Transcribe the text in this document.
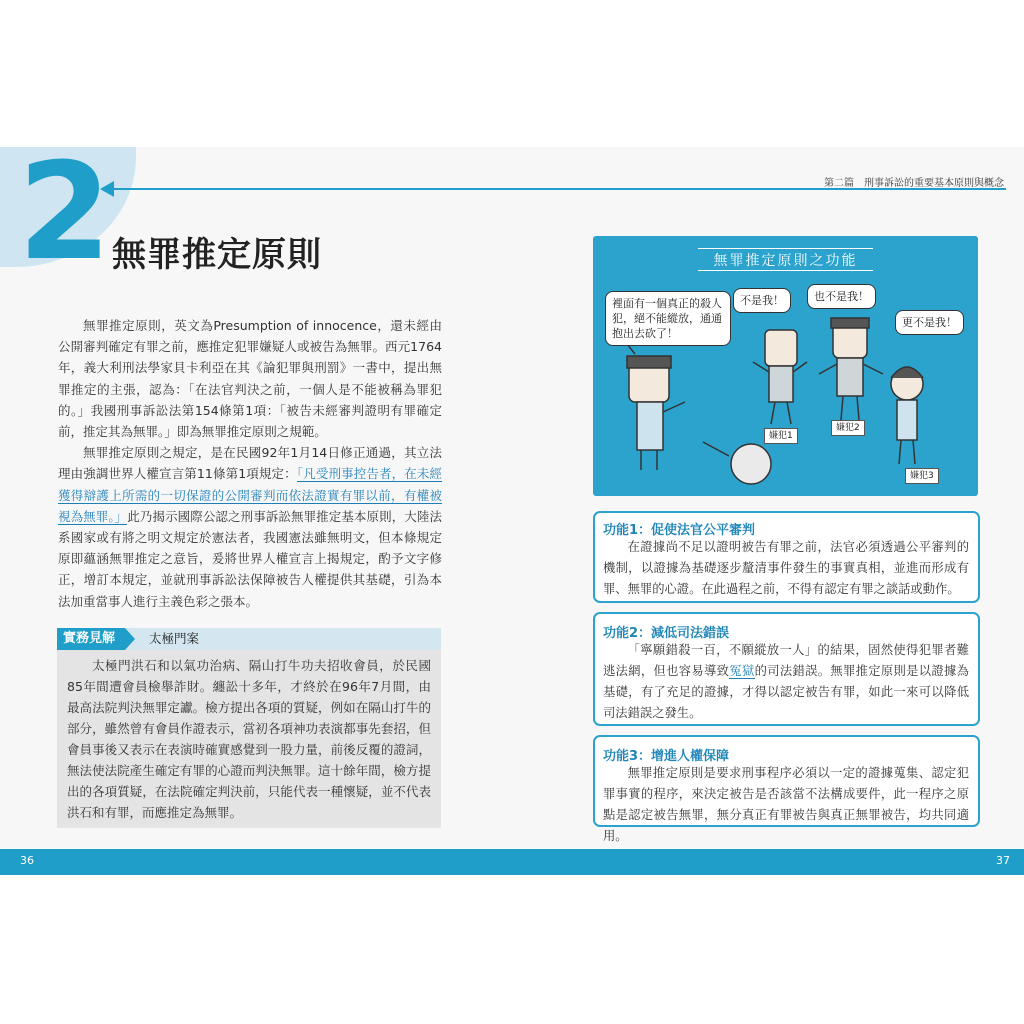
2	第二篇　刑事訴訟的重要基本原則與概念
無罪推定原則

無罪推定原則，英文為Presumption of innocence，還未經由公開審判確定有罪之前，應推定犯罪嫌疑人或被告為無罪。西元1764年，義大利刑法學家貝卡利亞在其《論犯罪與刑罰》一書中，提出無罪推定的主張，認為：「在法官判決之前，一個人是不能被稱為罪犯的。」我國刑事訴訟法第154條第1項：「被告未經審判證明有罪確定前，推定其為無罪。」即為無罪推定原則之規範。

無罪推定原則之規定，是在民國92年1月14日修正通過，其立法理由強調世界人權宣言第11條第1項規定：「凡受刑事控告者，在未經獲得辯護上所需的一切保證的公開審判而依法證實有罪以前，有權被視為無罪。」此乃揭示國際公認之刑事訴訟無罪推定基本原則，大陸法系國家或有將之明文規定於憲法者，我國憲法雖無明文，但本條規定原即蘊涵無罪推定之意旨，爰將世界人權宣言上揭規定，酌予文字修正，增訂本規定，並就刑事訴訟法保障被告人權提供其基礎，引為本法加重當事人進行主義色彩之張本。

實務見解	太極門案

太極門洪石和以氣功治病、隔山打牛功夫招收會員，於民國85年間遭會員檢舉詐財。纏訟十多年，才終於在96年7月間，由最高法院判決無罪定讞。檢方提出各項的質疑，例如在隔山打牛的部分，雖然曾有會員作證表示，當初各項神功表演都事先套招，但會員事後又表示在表演時確實感覺到一股力量，前後反覆的證詞，無法使法院產生確定有罪的心證而判決無罪。這十餘年間，檢方提出的各項質疑，在法院確定判決前，只能代表一種懷疑，並不代表洪石和有罪，而應推定為無罪。

無罪推定原則之功能
裡面有一個真正的殺人犯，絕不能縱放，通通抱出去砍了！
不是我！	也不是我！
更不是我！
嫌犯1
嫌犯2
嫌犯3
功能1：促使法官公平審判

在證據尚不足以證明被告有罪之前，法官必須透過公平審判的機制，以證據為基礎逐步釐清事件發生的事實真相，並進而形成有罪、無罪的心證。在此過程之前，不得有認定有罪之談話或動作。

功能2：減低司法錯誤

「寧願錯殺一百，不願縱放一人」的結果，固然使得犯罪者難逃法網，但也容易導致冤獄的司法錯誤。無罪推定原則是以證據為基礎，有了充足的證據，才得以認定被告有罪，如此一來可以降低司法錯誤之發生。

功能3：增進人權保障

無罪推定原則是要求刑事程序必須以一定的證據蒐集、認定犯罪事實的程序，來決定被告是否該當不法構成要件，此一程序之原點是認定被告無罪，無分真正有罪被告與真正無罪被告，均共同適用。

36	37
